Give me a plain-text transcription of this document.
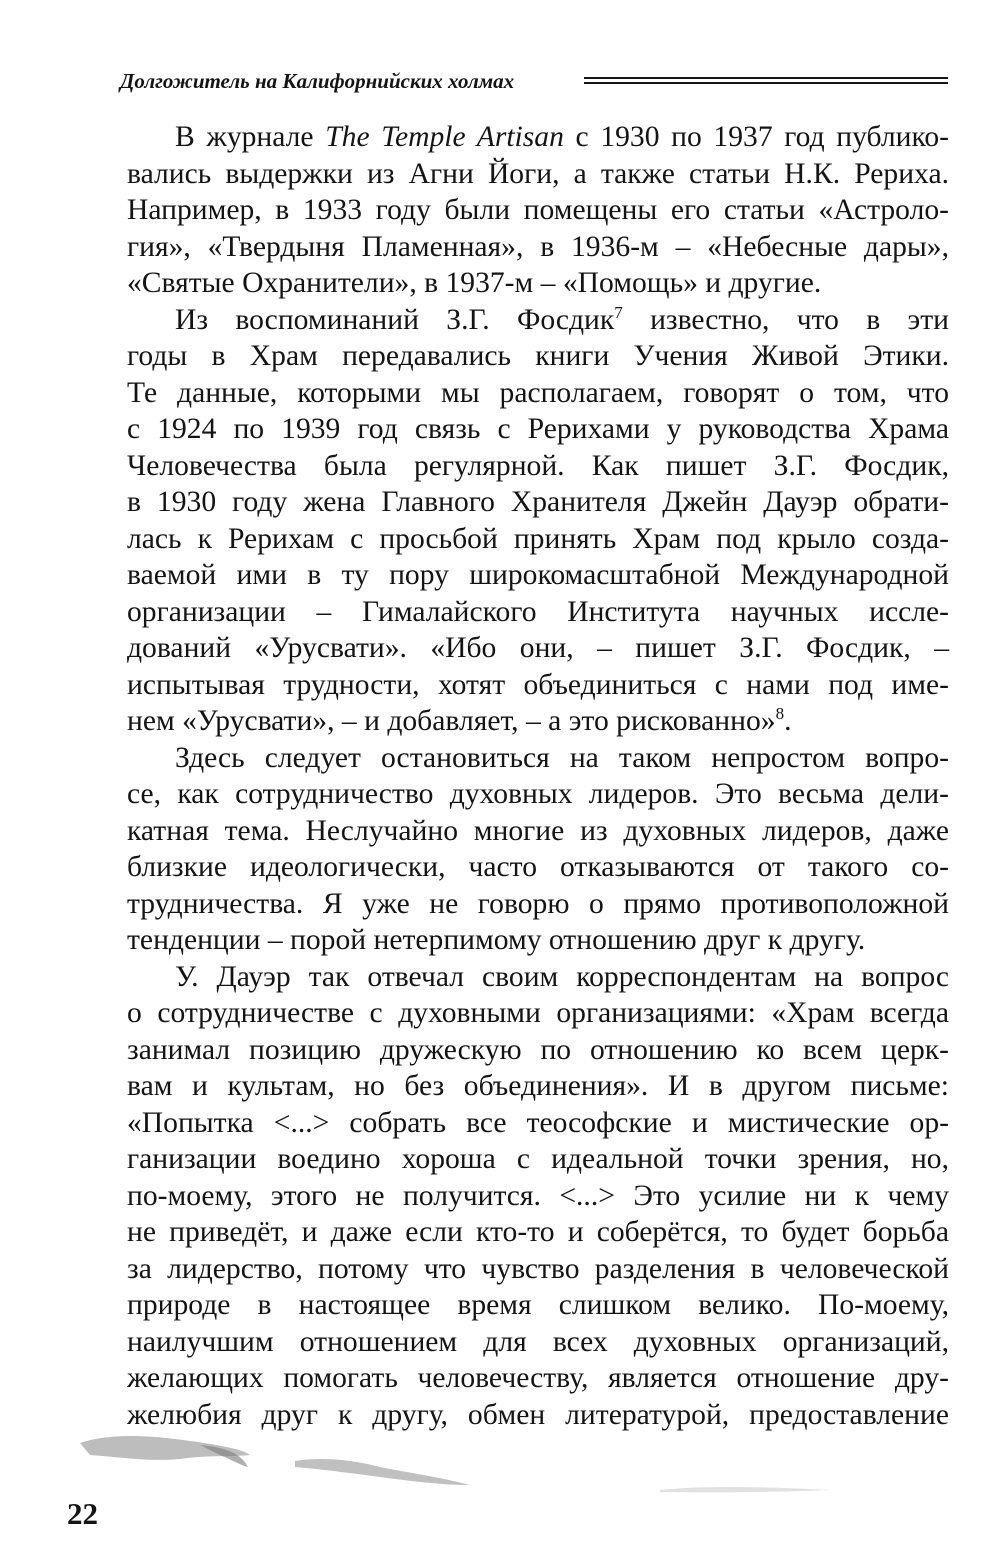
Долгожитель на Калифорнийских холмах
В журнале The Temple Artisan с 1930 по 1937 год публико-
вались выдержки из Агни Йоги, а также статьи Н.К. Рериха.
Например, в 1933 году были помещены его статьи «Астроло-
гия», «Твердыня Пламенная», в 1936-м – «Небесные дары»,
«Святые Охранители», в 1937-м – «Помощь» и другие.
Из воспоминаний З.Г. Фосдик$^7$ известно, что в эти
годы в Храм передавались книги Учения Живой Этики.
Те данные, которыми мы располагаем, говорят о том, что
с 1924 по 1939 год связь с Рерихами у руководства Храма
Человечества была регулярной. Как пишет З.Г. Фосдик,
в 1930 году жена Главного Хранителя Джейн Дауэр обрати-
лась к Рерихам с просьбой принять Храм под крыло созда-
ваемой ими в ту пору широкомасштабной Международной
организации – Гималайского Института научных иссле-
дований «Урусвати». «Ибо они, – пишет З.Г. Фосдик, –
испытывая трудности, хотят объединиться с нами под име-
нем «Урусвати», – и добавляет, – а это рискованно»$^8$.
Здесь следует остановиться на таком непростом вопро-
се, как сотрудничество духовных лидеров. Это весьма дели-
катная тема. Неслучайно многие из духовных лидеров, даже
близкие идеологически, часто отказываются от такого со-
трудничества. Я уже не говорю о прямо противоположной
тенденции – порой нетерпимому отношению друг к другу.
У. Дауэр так отвечал своим корреспондентам на вопрос
о сотрудничестве с духовными организациями: «Храм всегда
занимал позицию дружескую по отношению ко всем церк-
вам и культам, но без объединения». И в другом письме:
«Попытка <...> собрать все теософские и мистические ор-
ганизации воедино хороша с идеальной точки зрения, но,
по-моему, этого не получится. <...> Это усилие ни к чему
не приведёт, и даже если кто-то и соберётся, то будет борьба
за лидерство, потому что чувство разделения в человеческой
природе в настоящее время слишком велико. По-моему,
наилучшим отношением для всех духовных организаций,
желающих помогать человечеству, является отношение дру-
желюбия друг к другу, обмен литературой, предоставление
22
